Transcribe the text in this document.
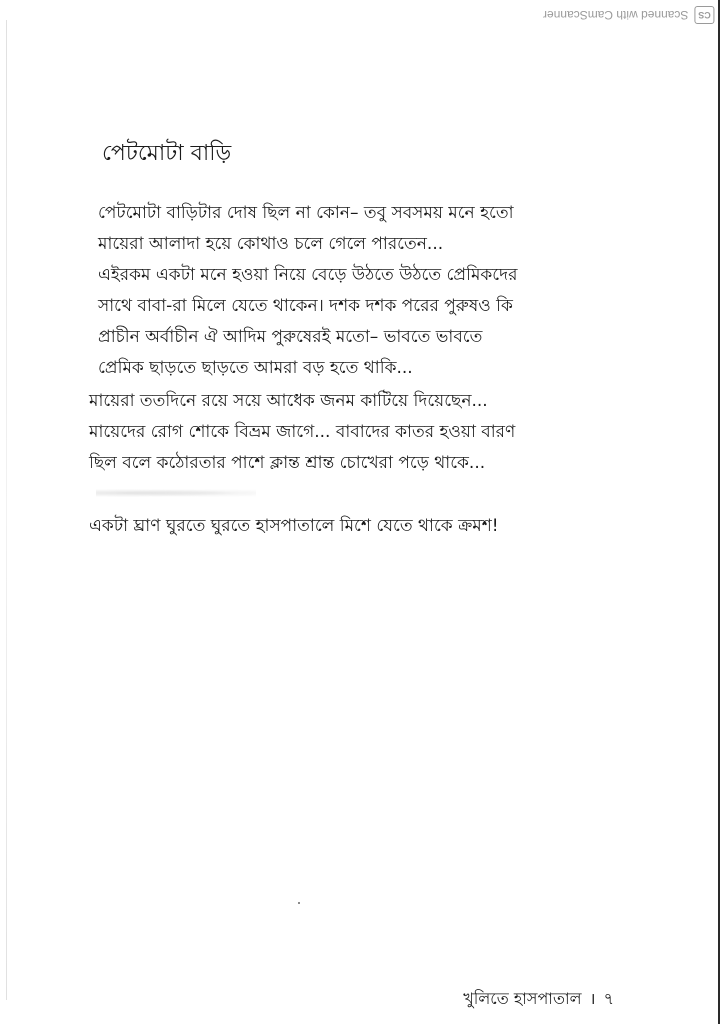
CS
Scanned with CamScanner
পেটমোটা বাড়ি

পেটমোটা বাড়িটার দোষ ছিল না কোন– তবু সবসময় মনে হতো

মায়েরা আলাদা হয়ে কোথাও চলে গেলে পারতেন...

এইরকম একটা মনে হওয়া নিয়ে বেড়ে উঠতে উঠতে প্রেমিকদের

সাথে বাবা-রা মিলে যেতে থাকেন। দশক দশক পরের পুরুষও কি

প্রাচীন অর্বাচীন ঐ আদিম পুরুষেরই মতো– ভাবতে ভাবতে

প্রেমিক ছাড়তে ছাড়তে আমরা বড় হতে থাকি...

মায়েরা ততদিনে রয়ে সয়ে আধেক জনম কাটিয়ে দিয়েছেন...

মায়েদের রোগ শোকে বিভ্রম জাগে... বাবাদের কাতর হওয়া বারণ

ছিল বলে কঠোরতার পাশে ক্লান্ত শ্রান্ত চোখেরা পড়ে থাকে...

একটা ঘ্রাণ ঘুরতে ঘুরতে হাসপাতালে মিশে যেতে থাকে ক্রমশ!

খুলিতে হাসপাতাল । ৭
